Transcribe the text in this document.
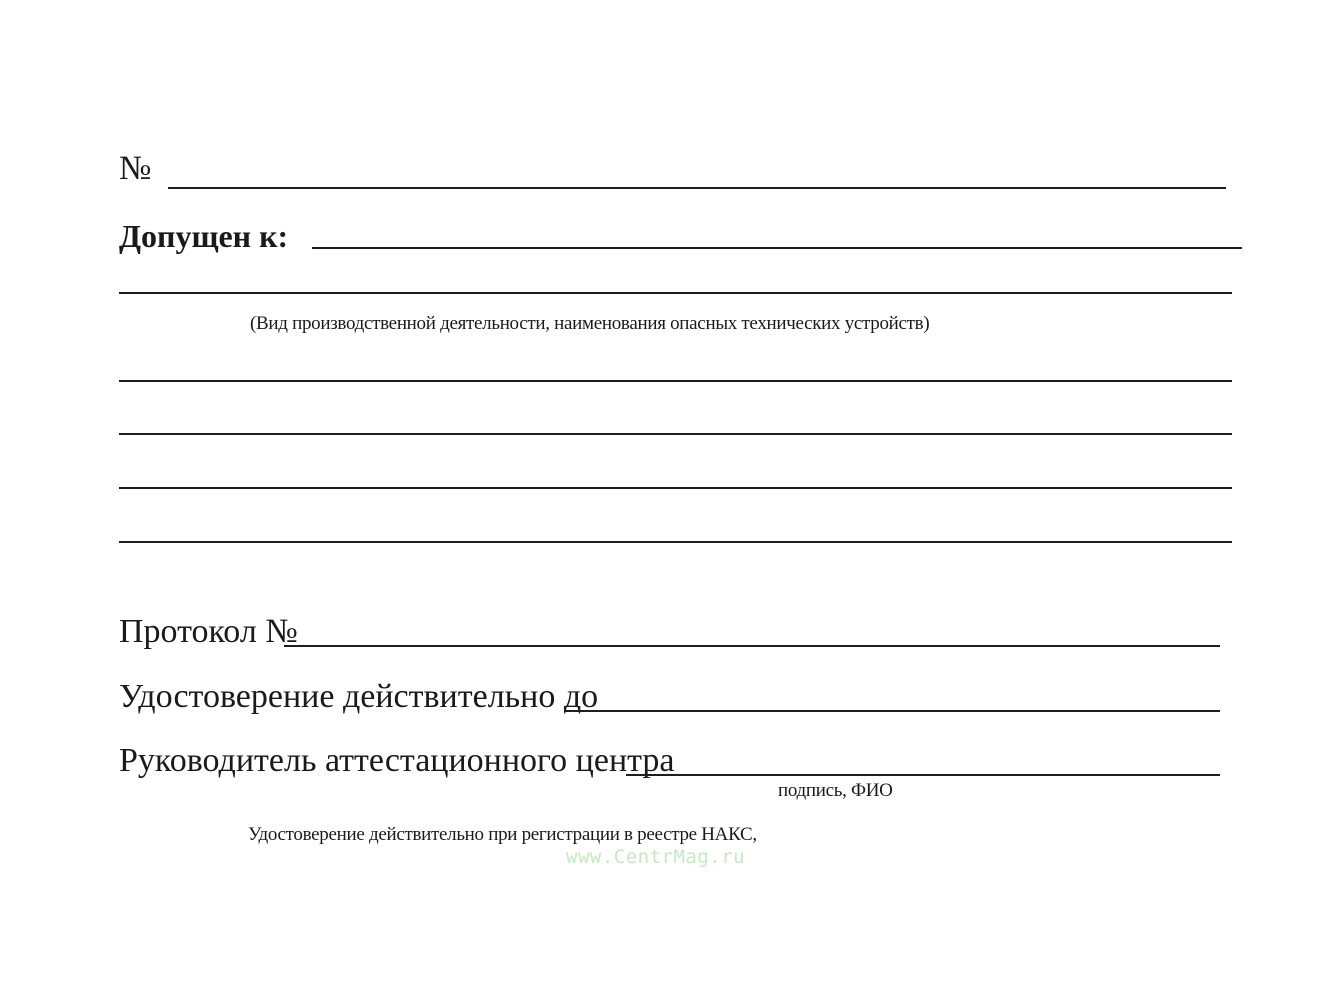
№
Допущен к:
(Вид производственной деятельности, наименования опасных технических устройств)
Протокол №
Удостоверение действительно до
Руководитель аттестационного центра
подпись, ФИО
Удостоверение действительно при регистрации в реестре НАКС,
www.CentrMag.ru
